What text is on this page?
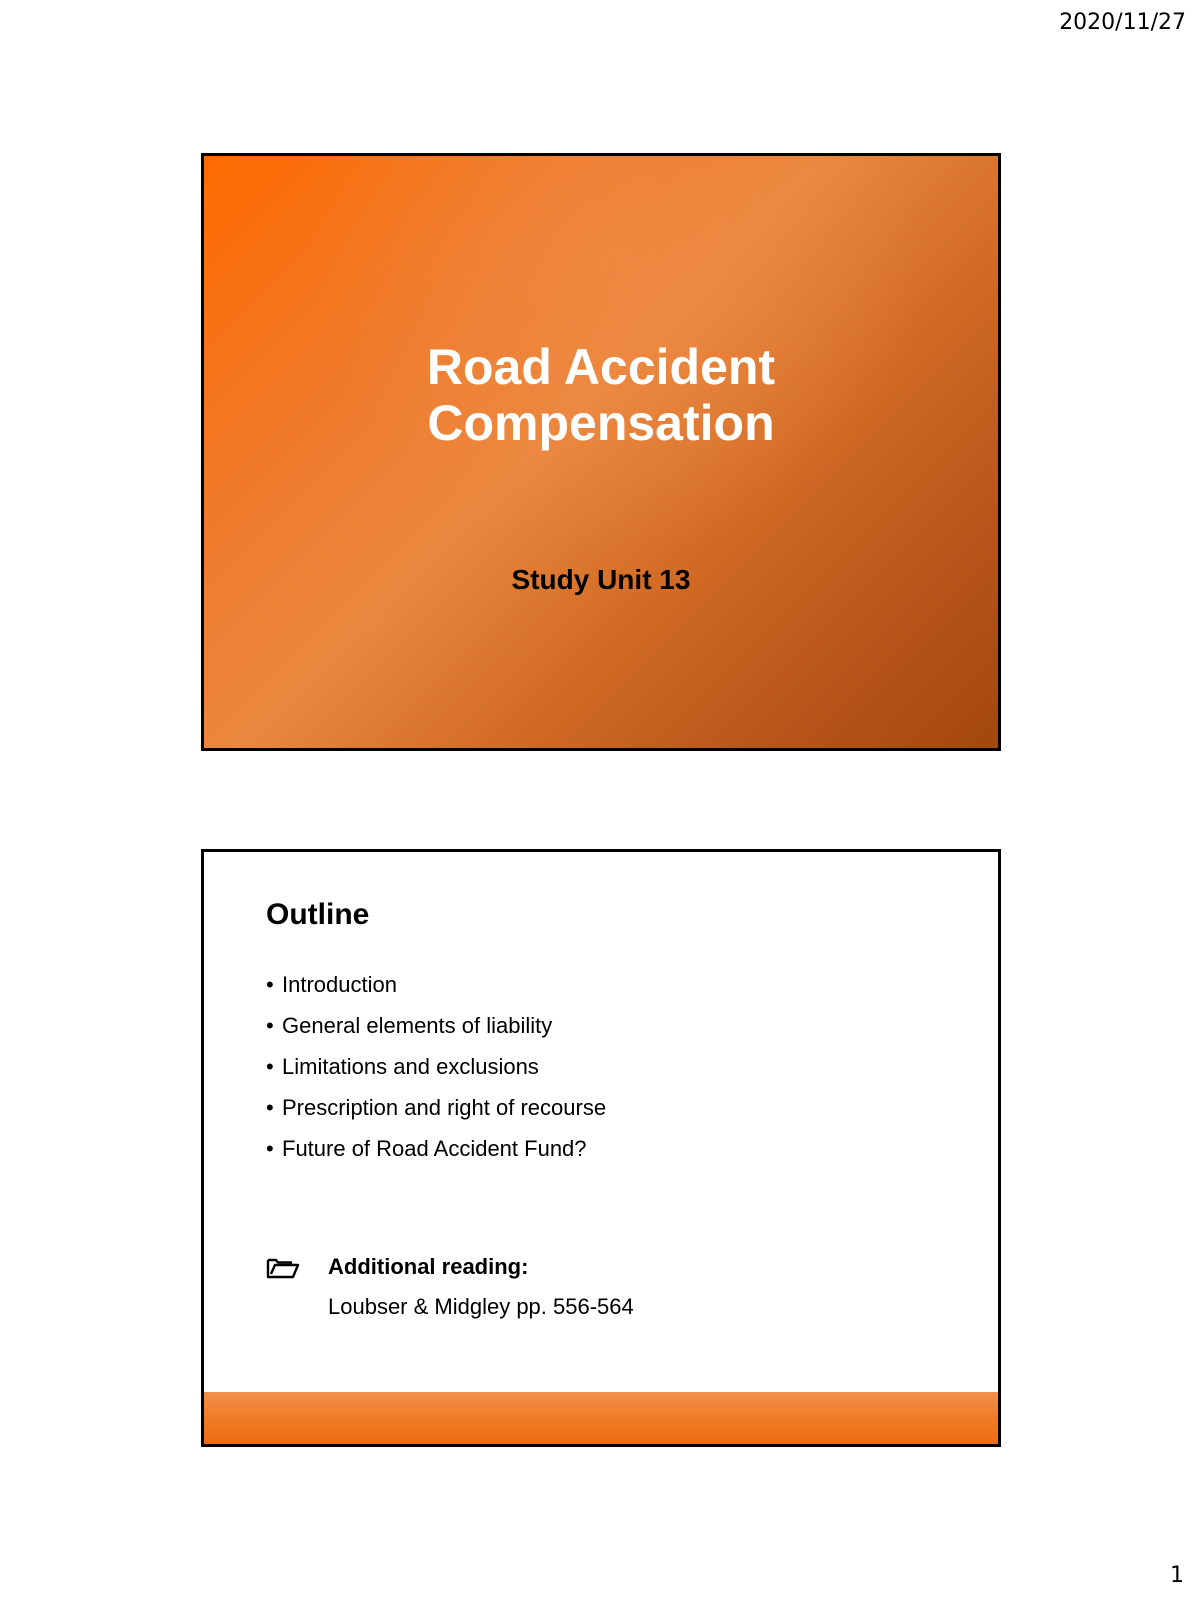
2020/11/27
Road Accident
Compensation
Study Unit 13
Outline
• Introduction
• General elements of liability
• Limitations and exclusions
• Prescription and right of recourse
• Future of Road Accident Fund?
Additional reading:
Loubser & Midgley pp. 556-564
1
